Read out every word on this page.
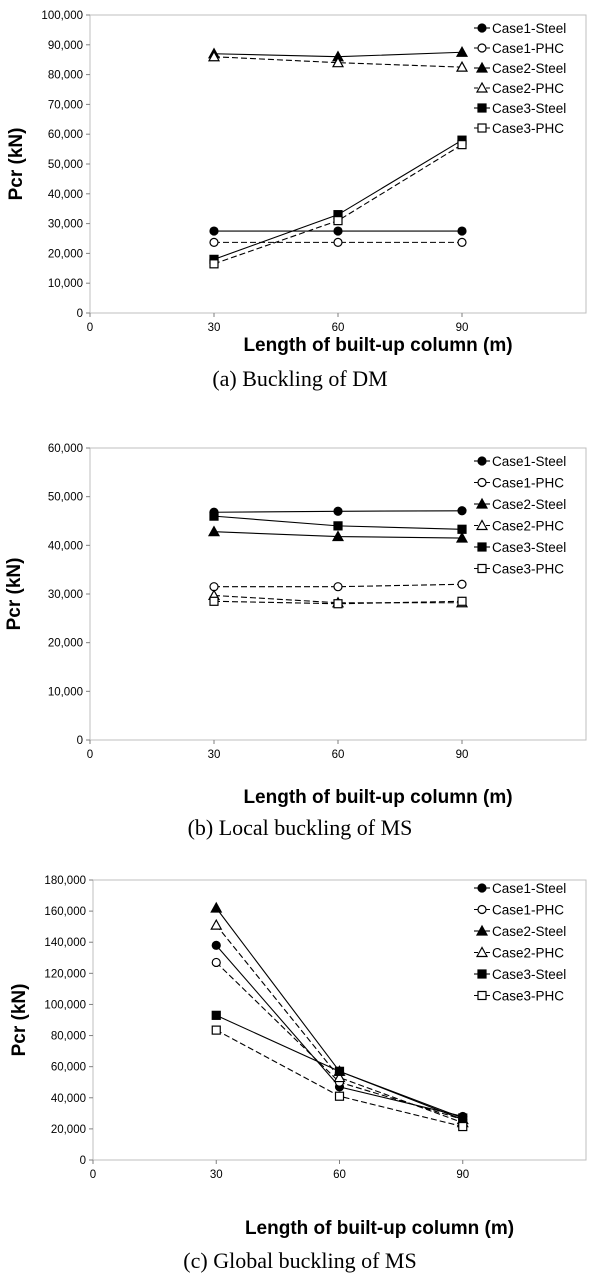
0
10,000
20,000
30,000
40,000
50,000
60,000
70,000
80,000
90,000
100,000
0	30	60	90
Length of built-up column (m)
Pcr (kN)
Case1-Steel
Case1-PHC
Case2-Steel
Case2-PHC
Case3-Steel
Case3-PHC
(a) Buckling of DM
0
10,000
20,000
30,000
40,000
50,000
60,000
0	30	60	90
Length of built-up column (m)
Pcr (kN)
Case1-Steel
Case1-PHC
Case2-Steel
Case2-PHC
Case3-Steel
Case3-PHC
(b) Local buckling of MS
0
20,000
40,000
60,000
80,000
100,000
120,000
140,000
160,000
180,000
0	30	60	90
Length of built-up column (m)
Pcr (kN)
Case1-Steel
Case1-PHC
Case2-Steel
Case2-PHC
Case3-Steel
Case3-PHC
(c) Global buckling of MS
